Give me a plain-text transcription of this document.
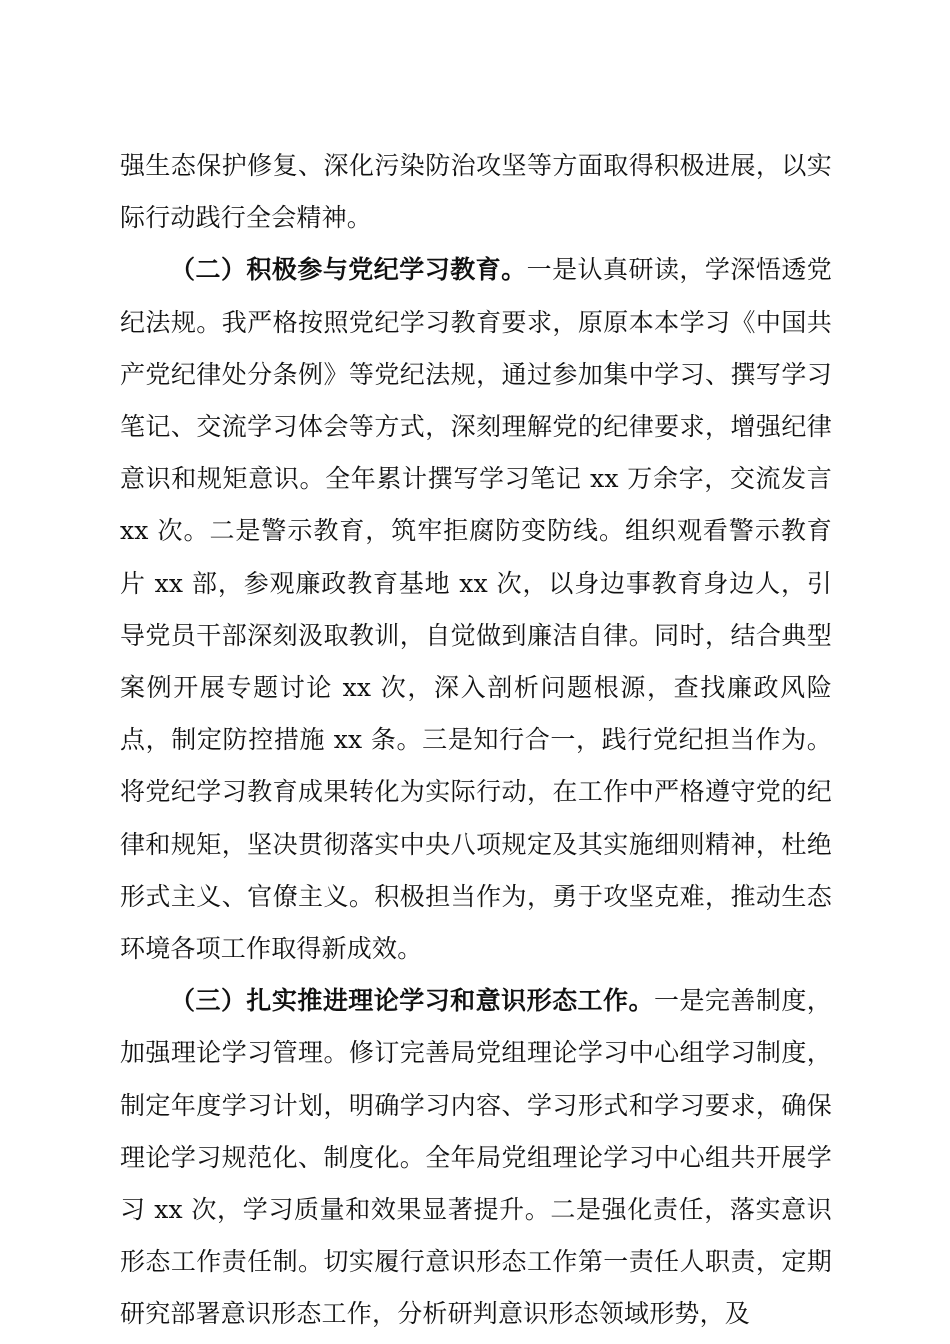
强生态保护修复、深化污染防治攻坚等方面取得积极进展，以实际行动践行全会精神。

（二）积极参与党纪学习教育。一是认真研读，学深悟透党纪法规。我严格按照党纪学习教育要求，原原本本学习《中国共产党纪律处分条例》等党纪法规，通过参加集中学习、撰写学习笔记、交流学习体会等方式，深刻理解党的纪律要求，增强纪律意识和规矩意识。全年累计撰写学习笔记 xx 万余字，交流发言 xx 次。二是警示教育，筑牢拒腐防变防线。组织观看警示教育片 xx 部，参观廉政教育基地 xx 次，以身边事教育身边人，引导党员干部深刻汲取教训，自觉做到廉洁自律。同时，结合典型案例开展专题讨论 xx 次，深入剖析问题根源，查找廉政风险点，制定防控措施 xx 条。三是知行合一，践行党纪担当作为。将党纪学习教育成果转化为实际行动，在工作中严格遵守党的纪律和规矩，坚决贯彻落实中央八项规定及其实施细则精神，杜绝形式主义、官僚主义。积极担当作为，勇于攻坚克难，推动生态环境各项工作取得新成效。

（三）扎实推进理论学习和意识形态工作。一是完善制度，加强理论学习管理。修订完善局党组理论学习中心组学习制度，制定年度学习计划，明确学习内容、学习形式和学习要求，确保理论学习规范化、制度化。全年局党组理论学习中心组共开展学习 xx 次，学习质量和效果显著提升。二是强化责任，落实意识形态工作责任制。切实履行意识形态工作第一责任人职责，定期研究部署意识形态工作，分析研判意识形态领域形势，及
